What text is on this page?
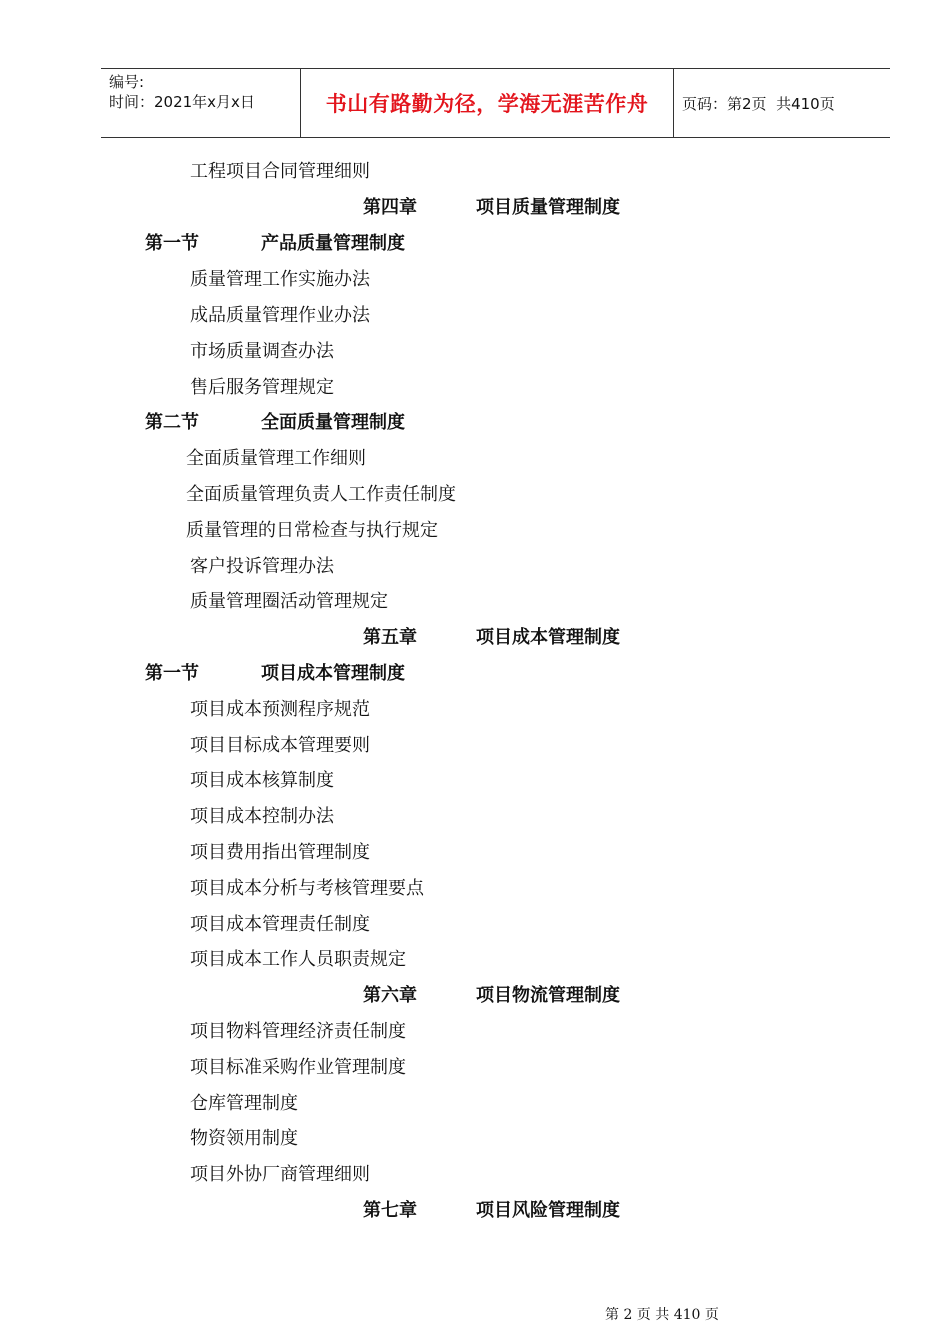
编号:
时间：2021年x月x日	书山有路勤为径，学海无涯苦作舟 页码：第2页  共410页
工程项目合同管理细则
第四章	项目质量管理制度
第一节	产品质量管理制度
质量管理工作实施办法
成品质量管理作业办法
市场质量调查办法
售后服务管理规定
第二节	全面质量管理制度
全面质量管理工作细则
全面质量管理负责人工作责任制度
质量管理的日常检查与执行规定
客户投诉管理办法
质量管理圈活动管理规定
第五章	项目成本管理制度
第一节	项目成本管理制度
项目成本预测程序规范
项目目标成本管理要则
项目成本核算制度
项目成本控制办法
项目费用指出管理制度
项目成本分析与考核管理要点
项目成本管理责任制度
项目成本工作人员职责规定
第六章	项目物流管理制度
项目物料管理经济责任制度
项目标准采购作业管理制度
仓库管理制度
物资领用制度
项目外协厂商管理细则
第七章	项目风险管理制度
第 2 页 共 410 页
